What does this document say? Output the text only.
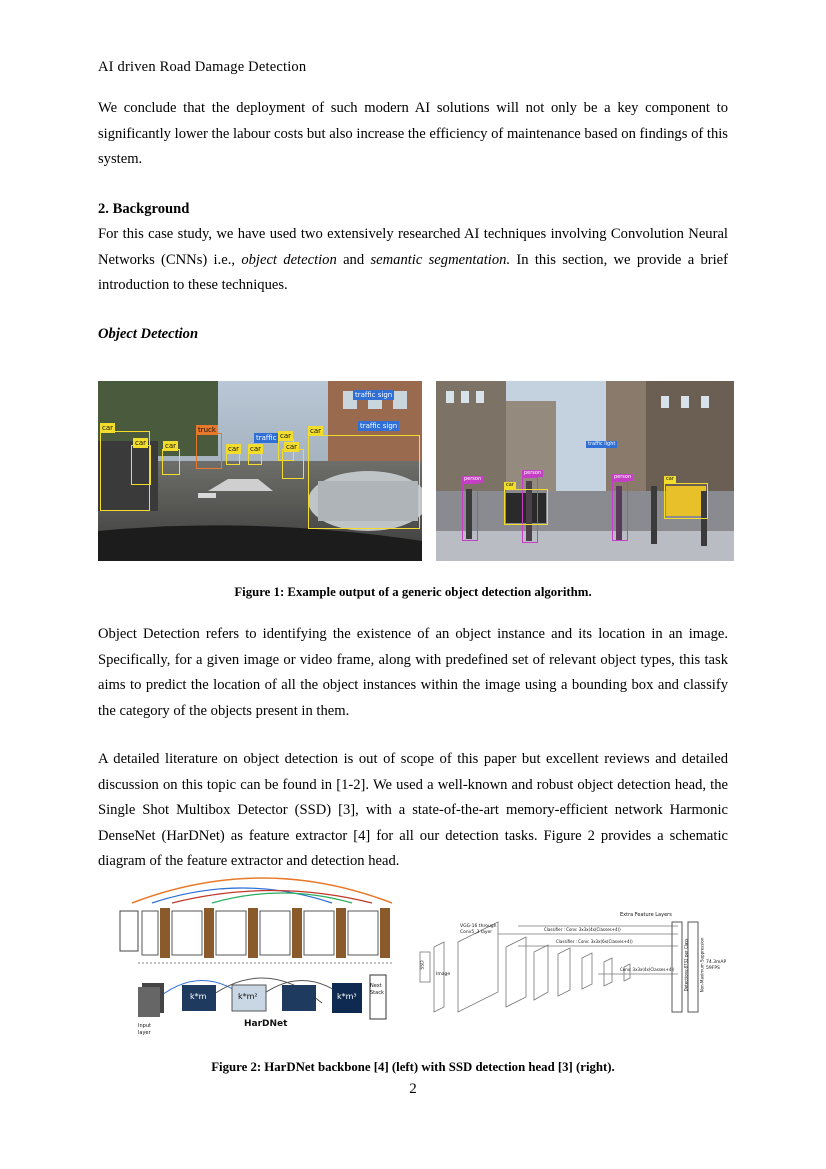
AI driven Road Damage Detection
We conclude that the deployment of such modern AI solutions will not only be a key component to significantly lower the labour costs but also increase the efficiency of maintenance based on findings of this system.
2. Background
For this case study, we have used two extensively researched AI techniques involving Convolution Neural Networks (CNNs) i.e., object detection and semantic segmentation. In this section, we provide a brief introduction to these techniques.
Object Detection
Figure 1: Example output of a generic object detection algorithm.
Object Detection refers to identifying the existence of an object instance and its location in an image. Specifically, for a given image or video frame, along with predefined set of relevant object types, this task aims to predict the location of all the object instances within the image using a bounding box and classify the category of the objects present in them.
A detailed literature on object detection is out of scope of this paper but excellent reviews and detailed discussion on this topic can be found in [1-2]. We used a well-known and robust object detection head, the Single Shot Multibox Detector (SSD) [3], with a state-of-the-art memory-efficient network Harmonic DenseNet (HarDNet) as feature extractor [4] for all our detection tasks. Figure 2 provides a schematic diagram of the feature extractor and detection head.
Figure 2: HarDNet backbone [4] (left) with SSD detection head [3] (right).
2
car
car	car
truck
car car
traffic car
car
car
traffic sign
traffic sign
person
person
car
car
traffic light
person
k*m	k*m²	k*m³
HarDNet
Input layer
Next Stack
Extra Feature Layers
VGG-16 through Conv5_3 layer
Classifier : Conv: 3x3x(4x(Classes+4))
Classifier : Conv: 3x3x(6x(Classes+4))
Conv: 3x3x(4x(Classes+4))
SSD
Image	Detections:8732 per Class	Non-Maximum Suppression 74.3mAP 59FPS
